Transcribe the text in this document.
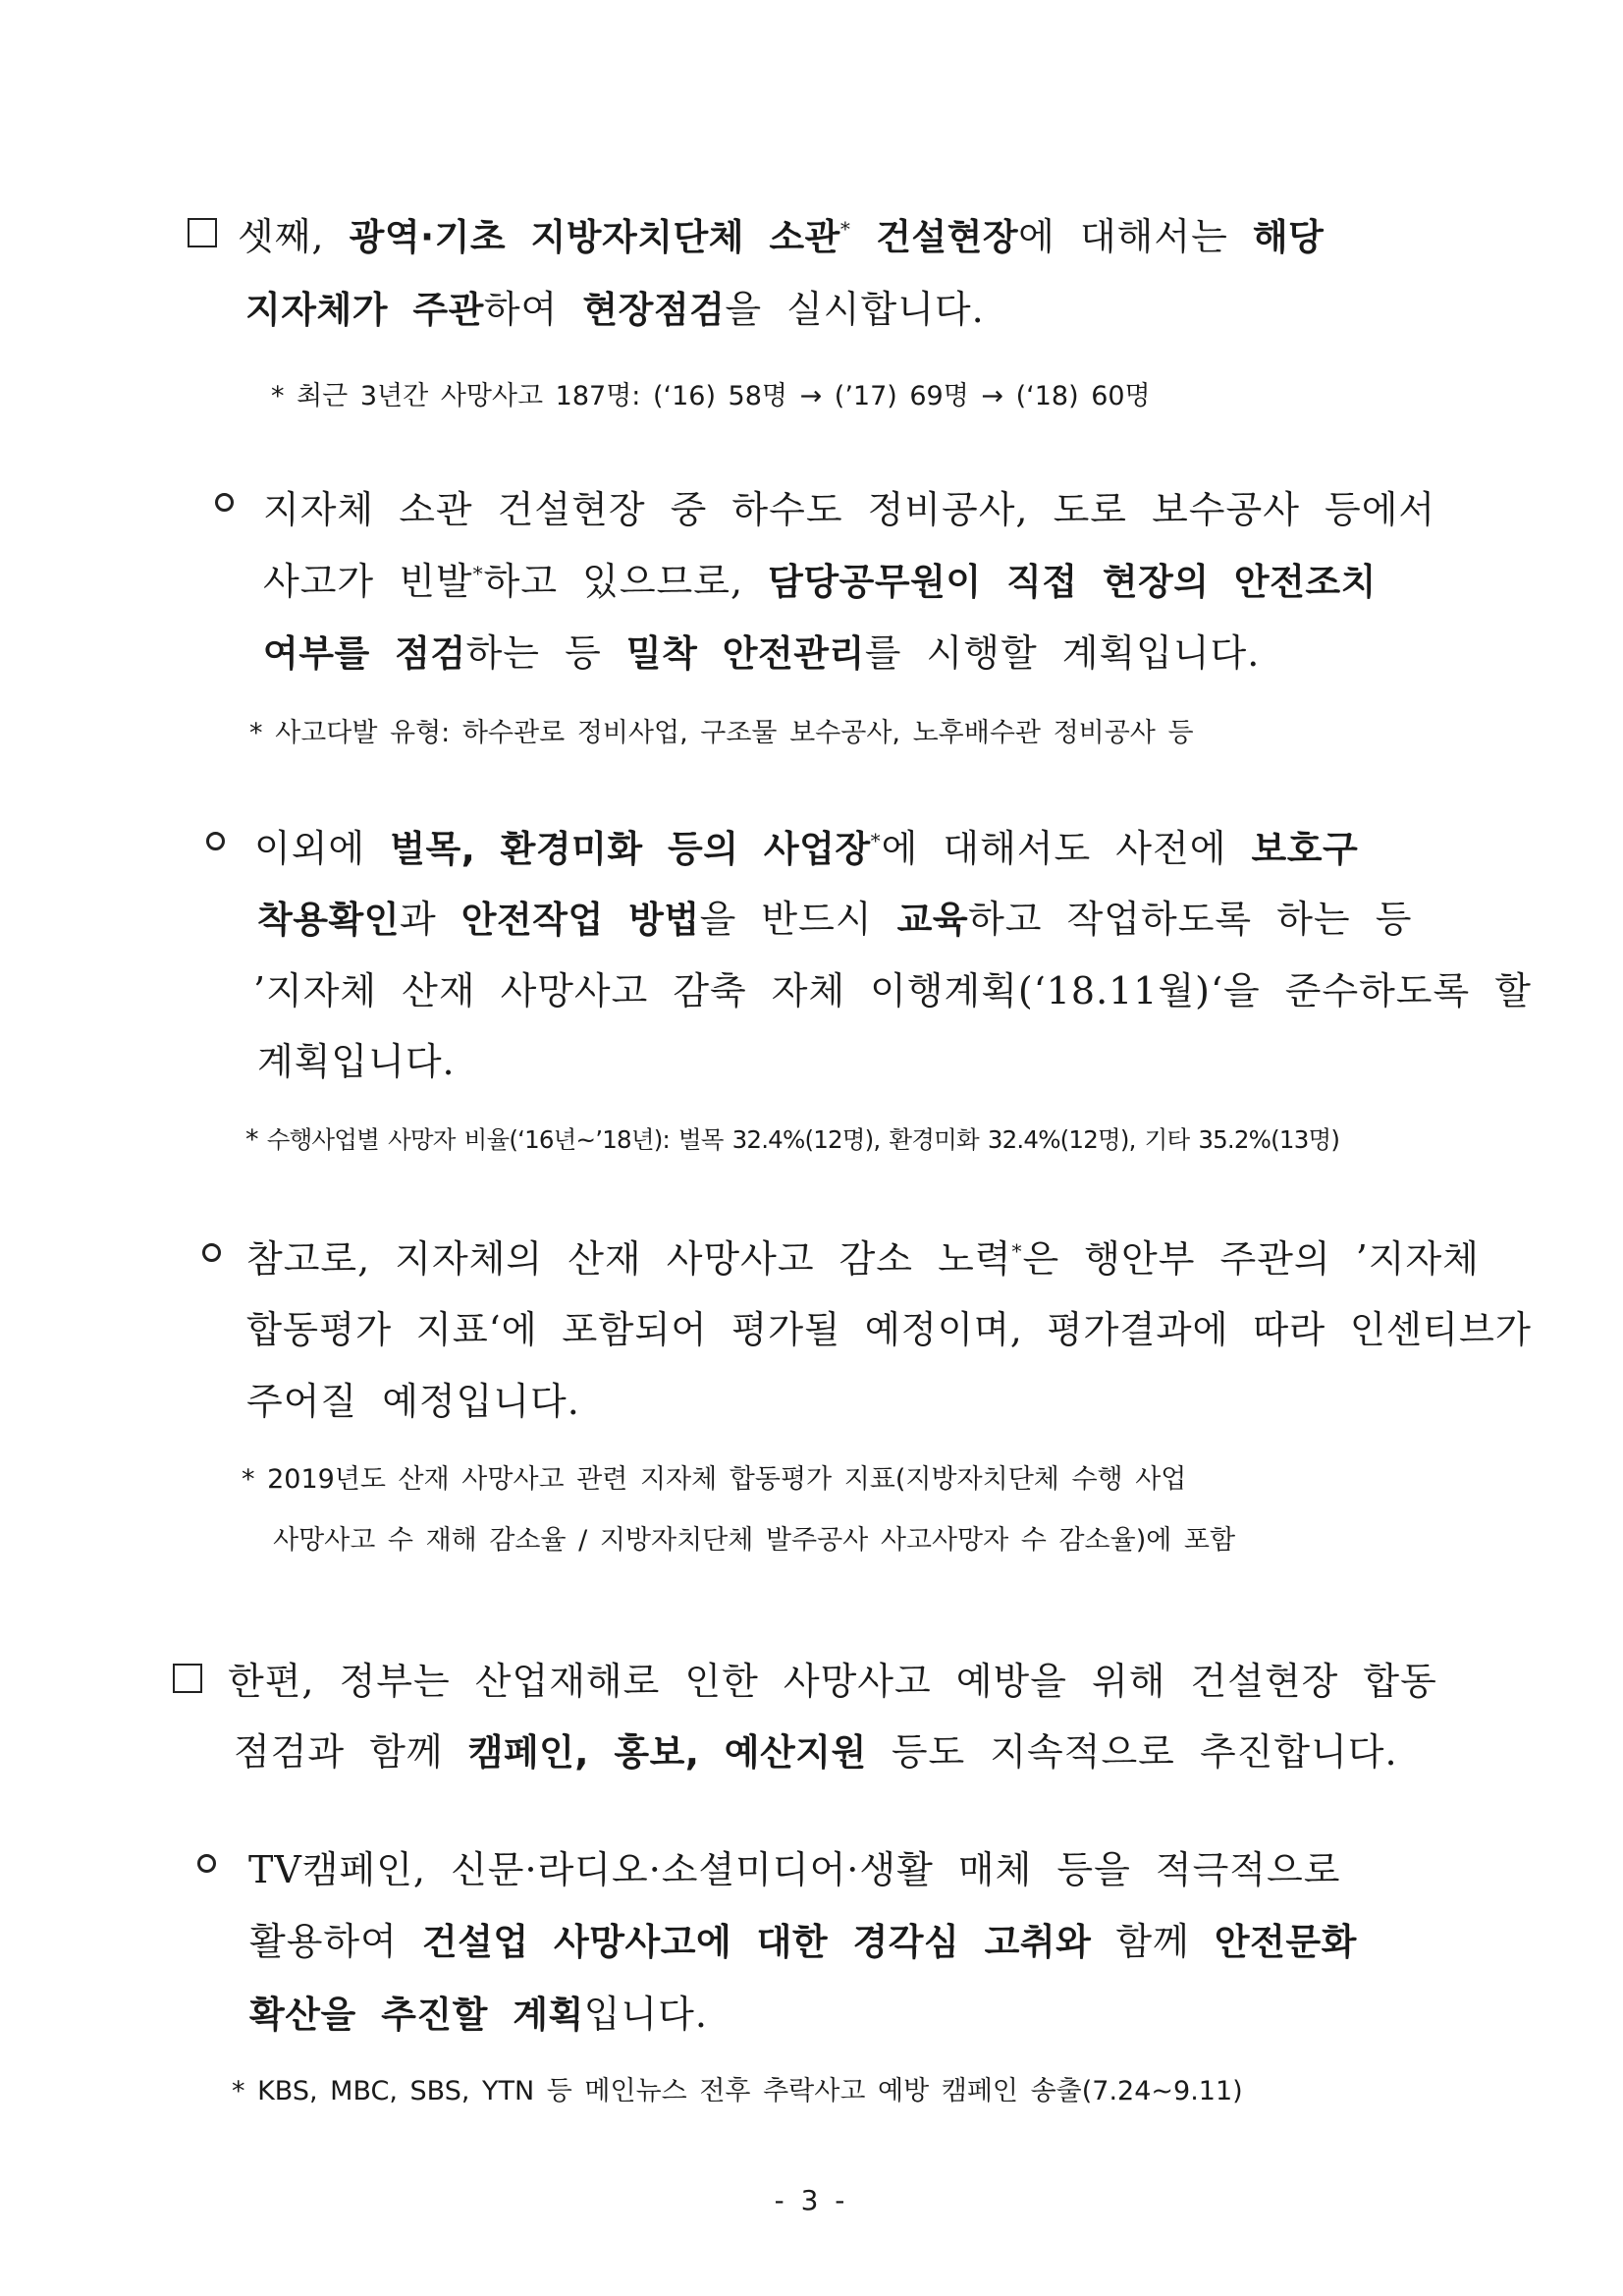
셋째, 광역·기초 지방자치단체 소관* 건설현장에 대해서는 해당
지자체가 주관하여 현장점검을 실시합니다.
* 최근 3년간 사망사고 187명: (‘16) 58명 → (’17) 69명 → (‘18) 60명
지자체 소관 건설현장 중 하수도 정비공사, 도로 보수공사 등에서
사고가 빈발*하고 있으므로, 담당공무원이 직접 현장의 안전조치
여부를 점검하는 등 밀착 안전관리를 시행할 계획입니다.
* 사고다발 유형: 하수관로 정비사업, 구조물 보수공사, 노후배수관 정비공사 등
이외에 벌목, 환경미화 등의 사업장*에 대해서도 사전에 보호구
착용확인과 안전작업 방법을 반드시 교육하고 작업하도록 하는 등
’지자체 산재 사망사고 감축 자체 이행계획(‘18.11월)‘을 준수하도록 할
계획입니다.
* 수행사업별 사망자 비율(‘16년~’18년): 벌목 32.4%(12명), 환경미화 32.4%(12명), 기타 35.2%(13명)
참고로, 지자체의 산재 사망사고 감소 노력*은 행안부 주관의 ’지자체
합동평가 지표‘에 포함되어 평가될 예정이며, 평가결과에 따라 인센티브가
주어질 예정입니다.
* 2019년도 산재 사망사고 관련 지자체 합동평가 지표(지방자치단체 수행 사업
사망사고 수 재해 감소율 / 지방자치단체 발주공사 사고사망자 수 감소율)에 포함
한편, 정부는 산업재해로 인한 사망사고 예방을 위해 건설현장 합동
점검과 함께 캠페인, 홍보, 예산지원 등도 지속적으로 추진합니다.
TV캠페인, 신문·라디오·소셜미디어·생활 매체 등을 적극적으로
활용하여 건설업 사망사고에 대한 경각심 고취와 함께 안전문화
확산을 추진할 계획입니다.
* KBS, MBC, SBS, YTN 등 메인뉴스 전후 추락사고 예방 캠페인 송출(7.24~9.11)
- 3 -
